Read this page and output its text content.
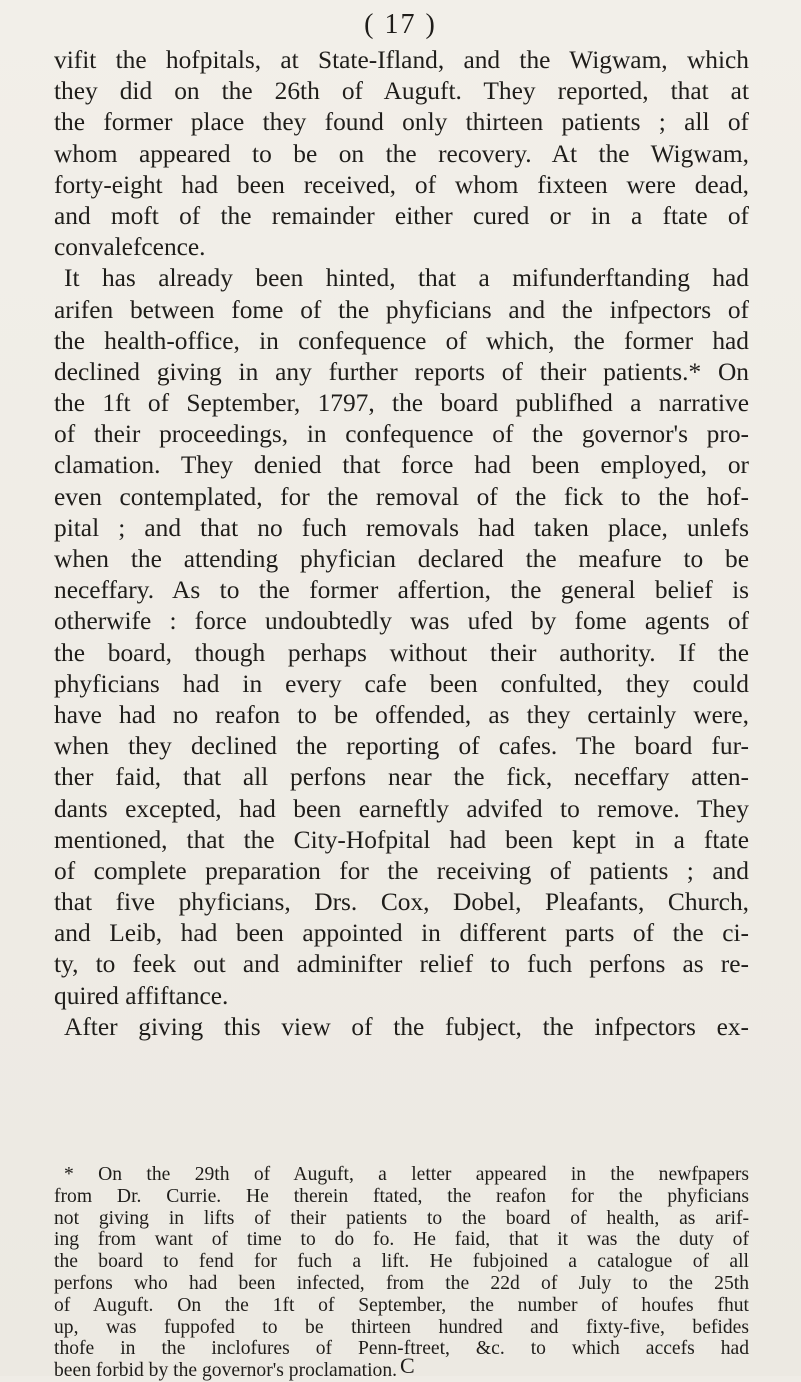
( 17 )
vifit the hofpitals, at State-Ifland, and the Wigwam, which
they did on the 26th of Auguft. They reported, that at
the former place they found only thirteen patients ; all of
whom appeared to be on the recovery. At the Wigwam,
forty-eight had been received, of whom fixteen were dead,
and moft of the remainder either cured or in a ftate of
convalefcence.
It has already been hinted, that a mifunderftanding had
arifen between fome of the phyficians and the infpectors of
the health-office, in confequence of which, the former had
declined giving in any further reports of their patients.* On
the 1ft of September, 1797, the board publifhed a narrative
of their proceedings, in confequence of the governor's pro-
clamation. They denied that force had been employed, or
even contemplated, for the removal of the fick to the hof-
pital ; and that no fuch removals had taken place, unlefs
when the attending phyfician declared the meafure to be
neceffary. As to the former affertion, the general belief is
otherwife : force undoubtedly was ufed by fome agents of
the board, though perhaps without their authority. If the
phyficians had in every cafe been confulted, they could
have had no reafon to be offended, as they certainly were,
when they declined the reporting of cafes. The board fur-
ther faid, that all perfons near the fick, neceffary atten-
dants excepted, had been earneftly advifed to remove. They
mentioned, that the City-Hofpital had been kept in a ftate
of complete preparation for the receiving of patients ; and
that five phyficians, Drs. Cox, Dobel, Pleafants, Church,
and Leib, had been appointed in different parts of the ci-
ty, to feek out and adminifter relief to fuch perfons as re-
quired affiftance.
After giving this view of the fubject, the infpectors ex-
* On the 29th of Auguft, a letter appeared in the newfpapers
from Dr. Currie. He therein ftated, the reafon for the phyficians
not giving in lifts of their patients to the board of health, as arif-
ing from want of time to do fo. He faid, that it was the duty of
the board to fend for fuch a lift. He fubjoined a catalogue of all
perfons who had been infected, from the 22d of July to the 25th
of Auguft. On the 1ft of September, the number of houfes fhut
up, was fuppofed to be thirteen hundred and fixty-five, befides
thofe in the inclofures of Penn-ftreet, &c. to which accefs had
been forbid by the governor's proclamation. C
